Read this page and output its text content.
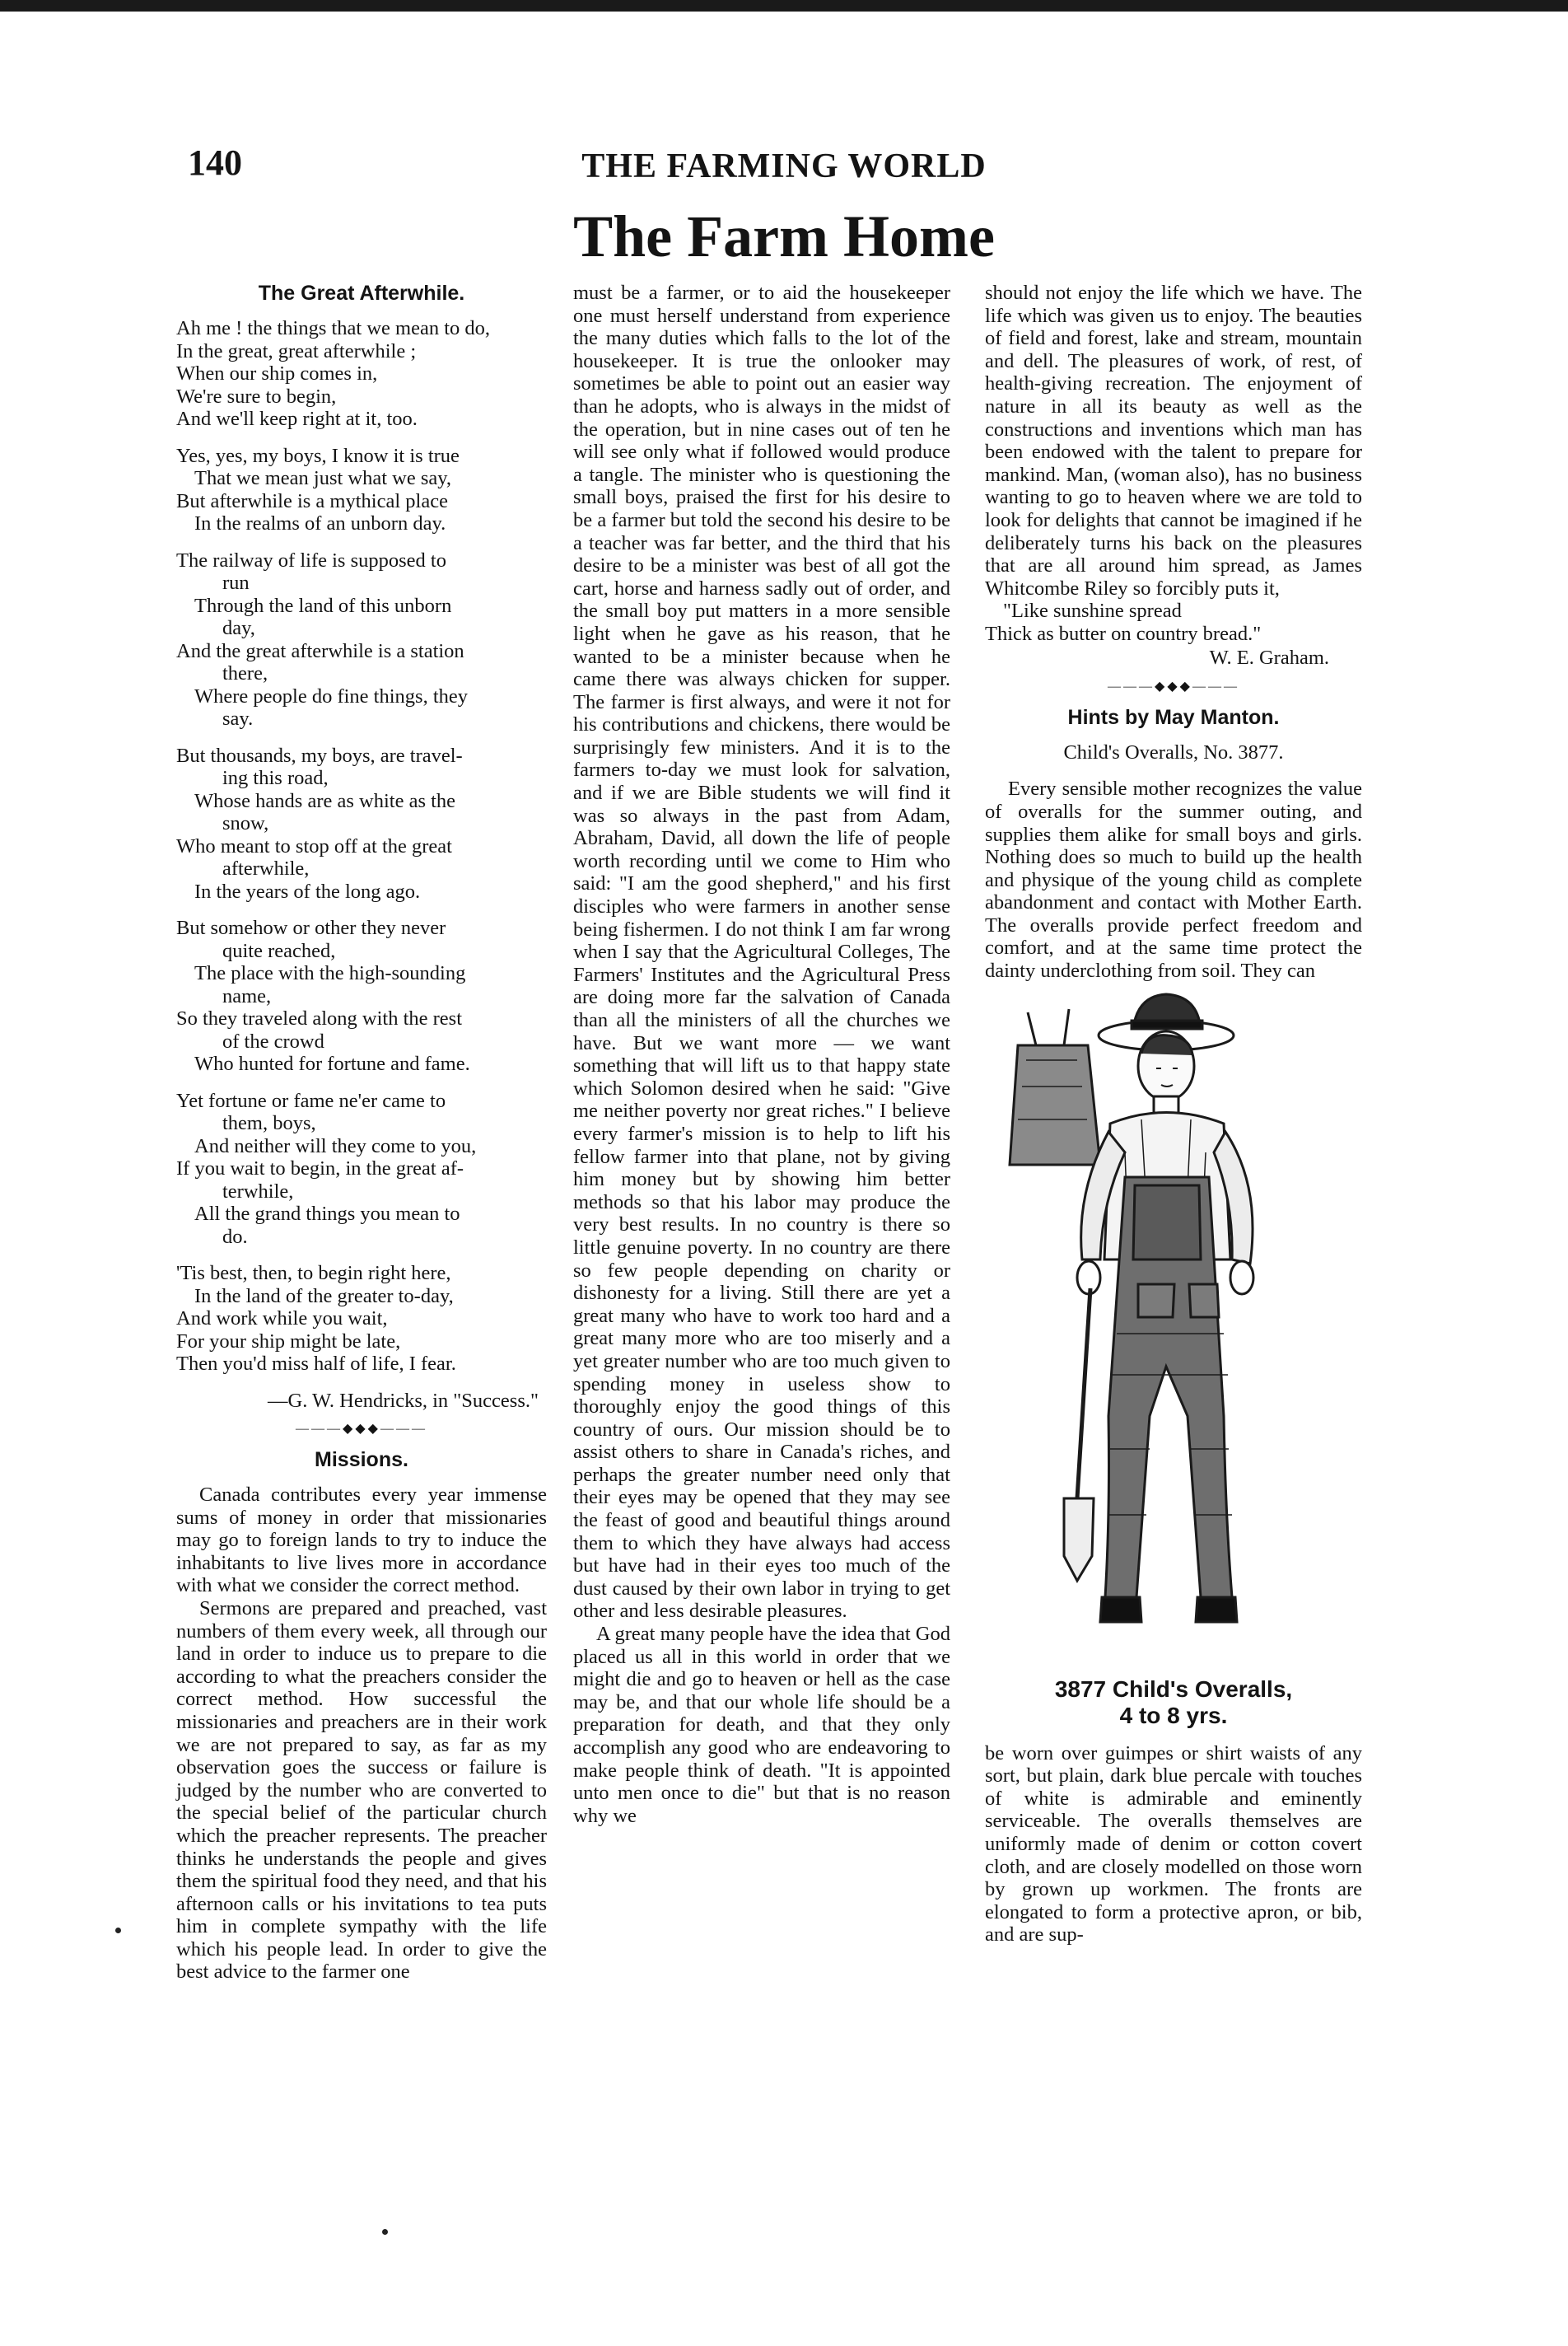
140	THE FARMING WORLD
The Farm Home
The Great Afterwhile.
Ah me ! the things that we mean to do,
In the great, great afterwhile ;
When our ship comes in,
We're sure to begin,
And we'll keep right at it, too.
Yes, yes, my boys, I know it is true
That we mean just what we say,
But afterwhile is a mythical place
In the realms of an unborn day.
The railway of life is supposed to
run
Through the land of this unborn
day,
And the great afterwhile is a station
there,
Where people do fine things, they
say.
But thousands, my boys, are travel-
ing this road,
Whose hands are as white as the
snow,
Who meant to stop off at the great
afterwhile,
In the years of the long ago.
But somehow or other they never
quite reached,
The place with the high-sounding
name,
So they traveled along with the rest
of the crowd
Who hunted for fortune and fame.
Yet fortune or fame ne'er came to
them, boys,
And neither will they come to you,
If you wait to begin, in the great af-
terwhile,
All the grand things you mean to
do.
'Tis best, then, to begin right here,
In the land of the greater to-day,
And work while you wait,
For your ship might be late,
Then you'd miss half of life, I fear.
—G. W. Hendricks, in "Success."
———◆◆◆———
Missions.

Canada contributes every year immense sums of money in order that missionaries may go to foreign lands to try to induce the inhabitants to live lives more in accordance with what we consider the correct method.

Sermons are prepared and preached, vast numbers of them every week, all through our land in order to induce us to prepare to die according to what the preachers consider the correct method. How successful the missionaries and preachers are in their work we are not prepared to say, as far as my observation goes the success or failure is judged by the number who are converted to the special belief of the particular church which the preacher represents. The preacher thinks he understands the people and gives them the spiritual food they need, and that his afternoon calls or his invitations to tea puts him in complete sympathy with the life which his people lead. In order to give the best advice to the farmer one

must be a farmer, or to aid the housekeeper one must herself understand from experience the many duties which falls to the lot of the housekeeper. It is true the onlooker may sometimes be able to point out an easier way than he adopts, who is always in the midst of the operation, but in nine cases out of ten he will see only what if followed would produce a tangle. The minister who is questioning the small boys, praised the first for his desire to be a farmer but told the second his desire to be a teacher was far better, and the third that his desire to be a minister was best of all got the cart, horse and harness sadly out of order, and the small boy put matters in a more sensible light when he gave as his reason, that he wanted to be a minister because when he came there was always chicken for supper. The farmer is first always, and were it not for his contributions and chickens, there would be surprisingly few ministers. And it is to the farmers to-day we must look for salvation, and if we are Bible students we will find it was so always in the past from Adam, Abraham, David, all down the life of people worth recording until we come to Him who said: "I am the good shepherd," and his first disciples who were farmers in another sense being fishermen. I do not think I am far wrong when I say that the Agricultural Colleges, The Farmers' Institutes and the Agricultural Press are doing more far the salvation of Canada than all the ministers of all the churches we have. But we want more — we want something that will lift us to that happy state which Solomon desired when he said: "Give me neither poverty nor great riches." I believe every farmer's mission is to help to lift his fellow farmer into that plane, not by giving him money but by showing him better methods so that his labor may produce the very best results. In no country is there so little genuine poverty. In no country are there so few people depending on charity or dishonesty for a living. Still there are yet a great many who have to work too hard and a great many more who are too miserly and a yet greater number who are too much given to spending money in useless show to thoroughly enjoy the good things of this country of ours. Our mission should be to assist others to share in Canada's riches, and perhaps the greater number need only that their eyes may be opened that they may see the feast of good and beautiful things around them to which they have always had access but have had in their eyes too much of the dust caused by their own labor in trying to get other and less desirable pleasures.

A great many people have the idea that God placed us all in this world in order that we might die and go to heaven or hell as the case may be, and that our whole life should be a preparation for death, and that they only accomplish any good who are endeavoring to make people think of death. "It is appointed unto men once to die" but that is no reason why we

should not enjoy the life which we have. The life which was given us to enjoy. The beauties of field and forest, lake and stream, mountain and dell. The pleasures of work, of rest, of health-giving recreation. The enjoyment of nature in all its beauty as well as the constructions and inventions which man has been endowed with the talent to prepare for mankind. Man, (woman also), has no business wanting to go to heaven where we are told to look for delights that cannot be imagined if he deliberately turns his back on the pleasures that are all around him spread, as James Whitcombe Riley so forcibly puts it,

"Like sunshine spread
Thick as butter on country bread."
W. E. Graham.
———◆◆◆———
Hints by May Manton.
Child's Overalls, No. 3877.

Every sensible mother recognizes the value of overalls for the summer outing, and supplies them alike for small boys and girls. Nothing does so much to build up the health and physique of the young child as complete abandonment and contact with Mother Earth. The overalls provide perfect freedom and comfort, and at the same time protect the dainty underclothing from soil. They can

3877 Child's Overalls,
4 to 8 yrs.

be worn over guimpes or shirt waists of any sort, but plain, dark blue percale with touches of white is admirable and eminently serviceable. The overalls themselves are uniformly made of denim or cotton covert cloth, and are closely modelled on those worn by grown up workmen. The fronts are elongated to form a protective apron, or bib, and are sup-
